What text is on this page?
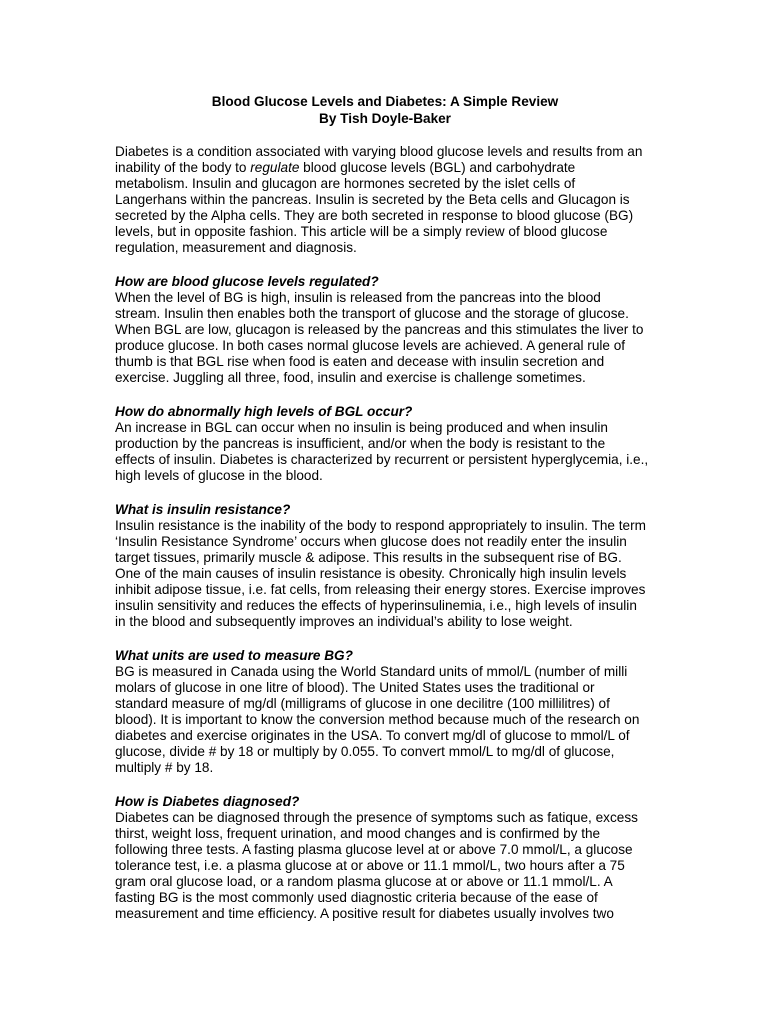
Blood Glucose Levels and Diabetes: A Simple Review
By Tish Doyle-Baker
Diabetes is a condition associated with varying blood glucose levels and results from an
inability of the body to regulate blood glucose levels (BGL) and carbohydrate
metabolism. Insulin and glucagon are hormones secreted by the islet cells of
Langerhans within the pancreas. Insulin is secreted by the Beta cells and Glucagon is
secreted by the Alpha cells. They are both secreted in response to blood glucose (BG)
levels, but in opposite fashion. This article will be a simply review of blood glucose
regulation, measurement and diagnosis.
How are blood glucose levels regulated?
When the level of BG is high, insulin is released from the pancreas into the blood
stream. Insulin then enables both the transport of glucose and the storage of glucose.
When BGL are low, glucagon is released by the pancreas and this stimulates the liver to
produce glucose. In both cases normal glucose levels are achieved. A general rule of
thumb is that BGL rise when food is eaten and decease with insulin secretion and
exercise. Juggling all three, food, insulin and exercise is challenge sometimes.
How do abnormally high levels of BGL occur?
An increase in BGL can occur when no insulin is being produced and when insulin
production by the pancreas is insufficient, and/or when the body is resistant to the
effects of insulin. Diabetes is characterized by recurrent or persistent hyperglycemia, i.e.,
high levels of glucose in the blood.
What is insulin resistance?
Insulin resistance is the inability of the body to respond appropriately to insulin. The term
‘Insulin Resistance Syndrome’ occurs when glucose does not readily enter the insulin
target tissues, primarily muscle & adipose. This results in the subsequent rise of BG.
One of the main causes of insulin resistance is obesity. Chronically high insulin levels
inhibit adipose tissue, i.e. fat cells, from releasing their energy stores. Exercise improves
insulin sensitivity and reduces the effects of hyperinsulinemia, i.e., high levels of insulin
in the blood and subsequently improves an individual’s ability to lose weight.
What units are used to measure BG?
BG is measured in Canada using the World Standard units of mmol/L (number of milli
molars of glucose in one litre of blood). The United States uses the traditional or
standard measure of mg/dl (milligrams of glucose in one decilitre (100 millilitres) of
blood). It is important to know the conversion method because much of the research on
diabetes and exercise originates in the USA. To convert mg/dl of glucose to mmol/L of
glucose, divide # by 18 or multiply by 0.055. To convert mmol/L to mg/dl of glucose,
multiply # by 18.
How is Diabetes diagnosed?
Diabetes can be diagnosed through the presence of symptoms such as fatique, excess
thirst, weight loss, frequent urination, and mood changes and is confirmed by the
following three tests. A fasting plasma glucose level at or above 7.0 mmol/L, a glucose
tolerance test, i.e. a plasma glucose at or above or 11.1 mmol/L, two hours after a 75
gram oral glucose load, or a random plasma glucose at or above or 11.1 mmol/L. A
fasting BG is the most commonly used diagnostic criteria because of the ease of
measurement and time efficiency. A positive result for diabetes usually involves two
